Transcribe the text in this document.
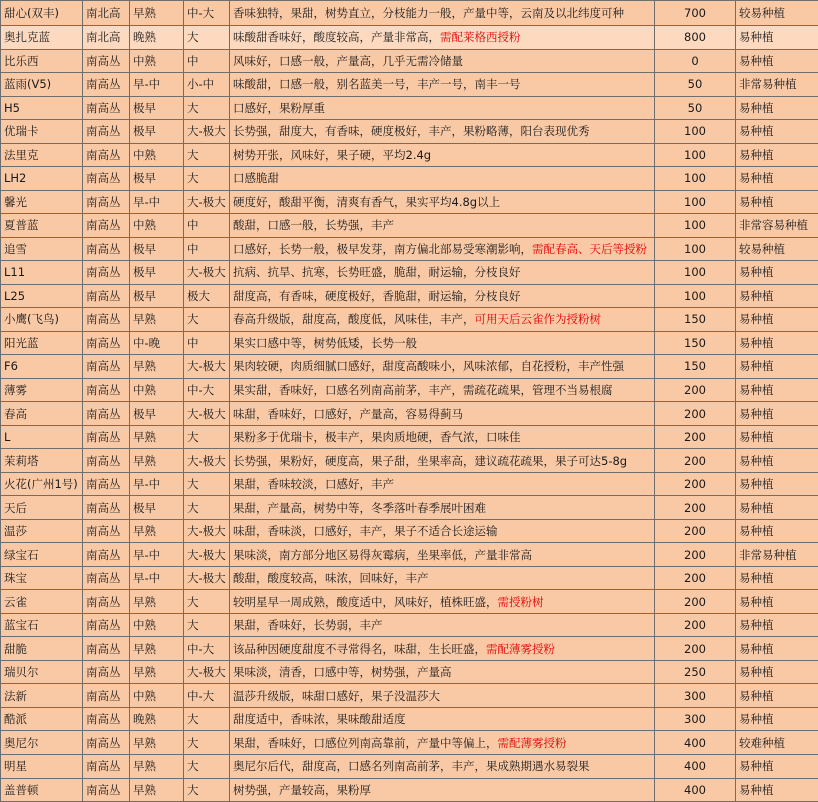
甜心(双丰)	南北高	早熟	中-大	香味独特，果甜，树势直立，分枝能力一般，产量中等，云南及以北纬度可种	700	较易种植
奥扎克蓝	南北高	晚熟	大	味酸甜香味好，酸度较高，产量非常高，需配莱格西授粉	800	易种植
比乐西	南高丛	中熟	中	风味好，口感一般，产量高，几乎无需冷储量	0	易种植
蓝雨(V5)	南高丛	早-中	小-中	味酸甜，口感一般，别名蓝美一号，丰产一号，南丰一号	50	非常易种植
H5	南高丛	极早	大	口感好，果粉厚重	50	易种植
优瑞卡	南高丛	极早	大-极大	长势强，甜度大，有香味，硬度极好，丰产，果粉略薄，阳台表现优秀	100	易种植
法里克	南高丛	中熟	大	树势开张，风味好，果子硬，平均2.4g	100	易种植
LH2	南高丛	极早	大	口感脆甜	100	易种植
馨光	南高丛	早-中	大-极大	硬度好，酸甜平衡，清爽有香气，果实平均4.8g以上	100	易种植
夏普蓝	南高丛	中熟	中	酸甜，口感一般，长势强，丰产	100	非常容易种植
追雪	南高丛	极早	中	口感好，长势一般，极早发芽，南方偏北部易受寒潮影响，需配春高、天后等授粉	100	较易种植
L11	南高丛	极早	大-极大	抗病、抗旱、抗寒，长势旺盛，脆甜，耐运输，分枝良好	100	易种植
L25	南高丛	极早	极大	甜度高，有香味，硬度极好，香脆甜，耐运输，分枝良好	100	易种植
小鹰(飞鸟)	南高丛	早熟	大	春高升级版，甜度高，酸度低，风味佳，丰产，可用天后云雀作为授粉树	150	易种植
阳光蓝	南高丛	中-晚	中	果实口感中等，树势低矮，长势一般	150	易种植
F6	南高丛	早熟	大-极大	果肉较硬，肉质细腻口感好，甜度高酸味小，风味浓郁，自花授粉，丰产性强	150	易种植
薄雾	南高丛	中熟	中-大	果实甜，香味好，口感名列南高前茅，丰产，需疏花疏果，管理不当易根腐	200	易种植
春高	南高丛	极早	大-极大	味甜，香味好，口感好，产量高，容易得蓟马	200	易种植
L	南高丛	早熟	大	果粉多于优瑞卡，极丰产，果肉质地硬，香气浓，口味佳	200	易种植
茉莉塔	南高丛	早熟	大-极大	长势强，果粉好，硬度高，果子甜，坐果率高，建议疏花疏果，果子可达5-8g	200	易种植
火花(广州1号)	南高丛	早-中	大	果甜，香味较淡，口感好，丰产	200	易种植
天后	南高丛	极早	大	果甜，产量高，树势中等，冬季落叶春季展叶困难	200	易种植
温莎	南高丛	早熟	大-极大	味甜，香味淡，口感好，丰产，果子不适合长途运输	200	易种植
绿宝石	南高丛	早-中	大-极大	果味淡，南方部分地区易得灰霉病，坐果率低，产量非常高	200	非常易种植
珠宝	南高丛	早-中	大-极大	酸甜，酸度较高，味浓，回味好，丰产	200	易种植
云雀	南高丛	早熟	大	较明星早一周成熟，酸度适中，风味好，植株旺盛，需授粉树	200	易种植
蓝宝石	南高丛	中熟	大	果甜，香味好，长势弱，丰产	200	易种植
甜脆	南高丛	早熟	中-大	该品种因硬度甜度不寻常得名，味甜，生长旺盛，需配薄雾授粉	200	易种植
瑞贝尔	南高丛	早熟	大-极大	果味淡，清香，口感中等，树势强，产量高	250	易种植
法新	南高丛	中熟	中-大	温莎升级版，味甜口感好，果子没温莎大	300	易种植
酷派	南高丛	晚熟	大	甜度适中，香味浓，果味酸甜适度	300	易种植
奥尼尔	南高丛	早熟	大	果甜，香味好，口感位列南高靠前，产量中等偏上，需配薄雾授粉	400	较难种植
明星	南高丛	早熟	大	奥尼尔后代，甜度高，口感名列南高前茅，丰产，果成熟期遇水易裂果	400	易种植
盖普顿	南高丛	早熟	大	树势强，产量较高，果粉厚	400	易种植
